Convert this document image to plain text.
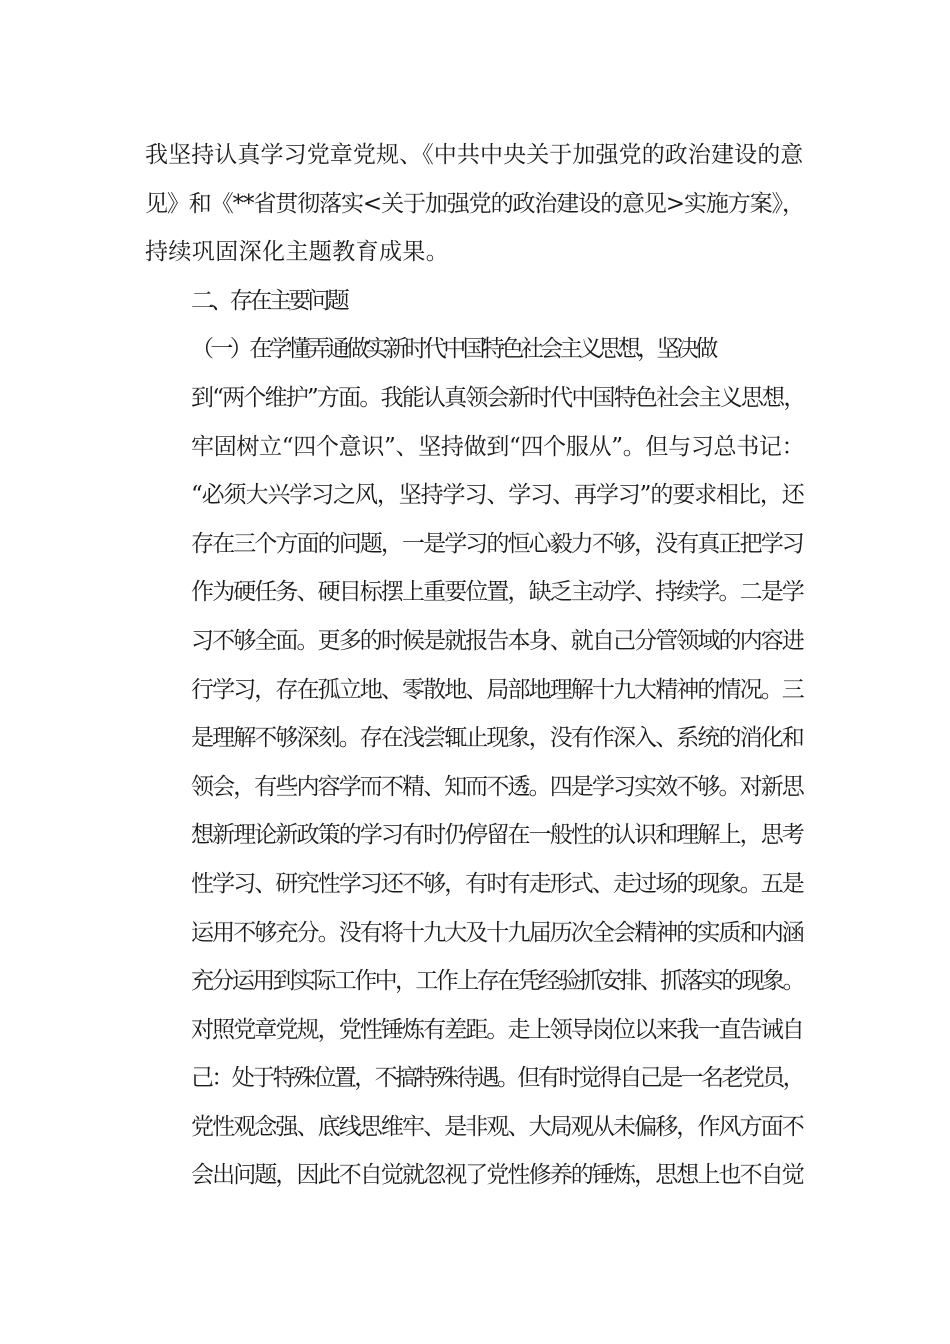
我坚持认真学习党章党规、《中共中央关于加强党的政治建设的意
见》和《**省贯彻落实<关于加强党的政治建设的意见>实施方案》，
持续巩固深化主题教育成果。

二、存在主要问题

（一）在学懂弄通做实新时代中国特色社会主义思想，坚决做
到“两个维护”方面。我能认真领会新时代中国特色社会主义思想，
牢固树立“四个意识”、坚持做到“四个服从”。但与习总书记：
“必须大兴学习之风，坚持学习、学习、再学习”的要求相比，还
存在三个方面的问题，一是学习的恒心毅力不够，没有真正把学习
作为硬任务、硬目标摆上重要位置，缺乏主动学、持续学。二是学
习不够全面。更多的时候是就报告本身、就自己分管领域的内容进
行学习，存在孤立地、零散地、局部地理解十九大精神的情况。三
是理解不够深刻。存在浅尝辄止现象，没有作深入、系统的消化和
领会，有些内容学而不精、知而不透。四是学习实效不够。对新思
想新理论新政策的学习有时仍停留在一般性的认识和理解上，思考
性学习、研究性学习还不够，有时有走形式、走过场的现象。五是
运用不够充分。没有将十九大及十九届历次全会精神的实质和内涵
充分运用到实际工作中，工作上存在凭经验抓安排、抓落实的现象。
对照党章党规，党性锤炼有差距。走上领导岗位以来我一直告诫自
己：处于特殊位置，不搞特殊待遇。但有时觉得自己是一名老党员，
党性观念强、底线思维牢、是非观、大局观从未偏移，作风方面不
会出问题，因此不自觉就忽视了党性修养的锤炼，思想上也不自觉
